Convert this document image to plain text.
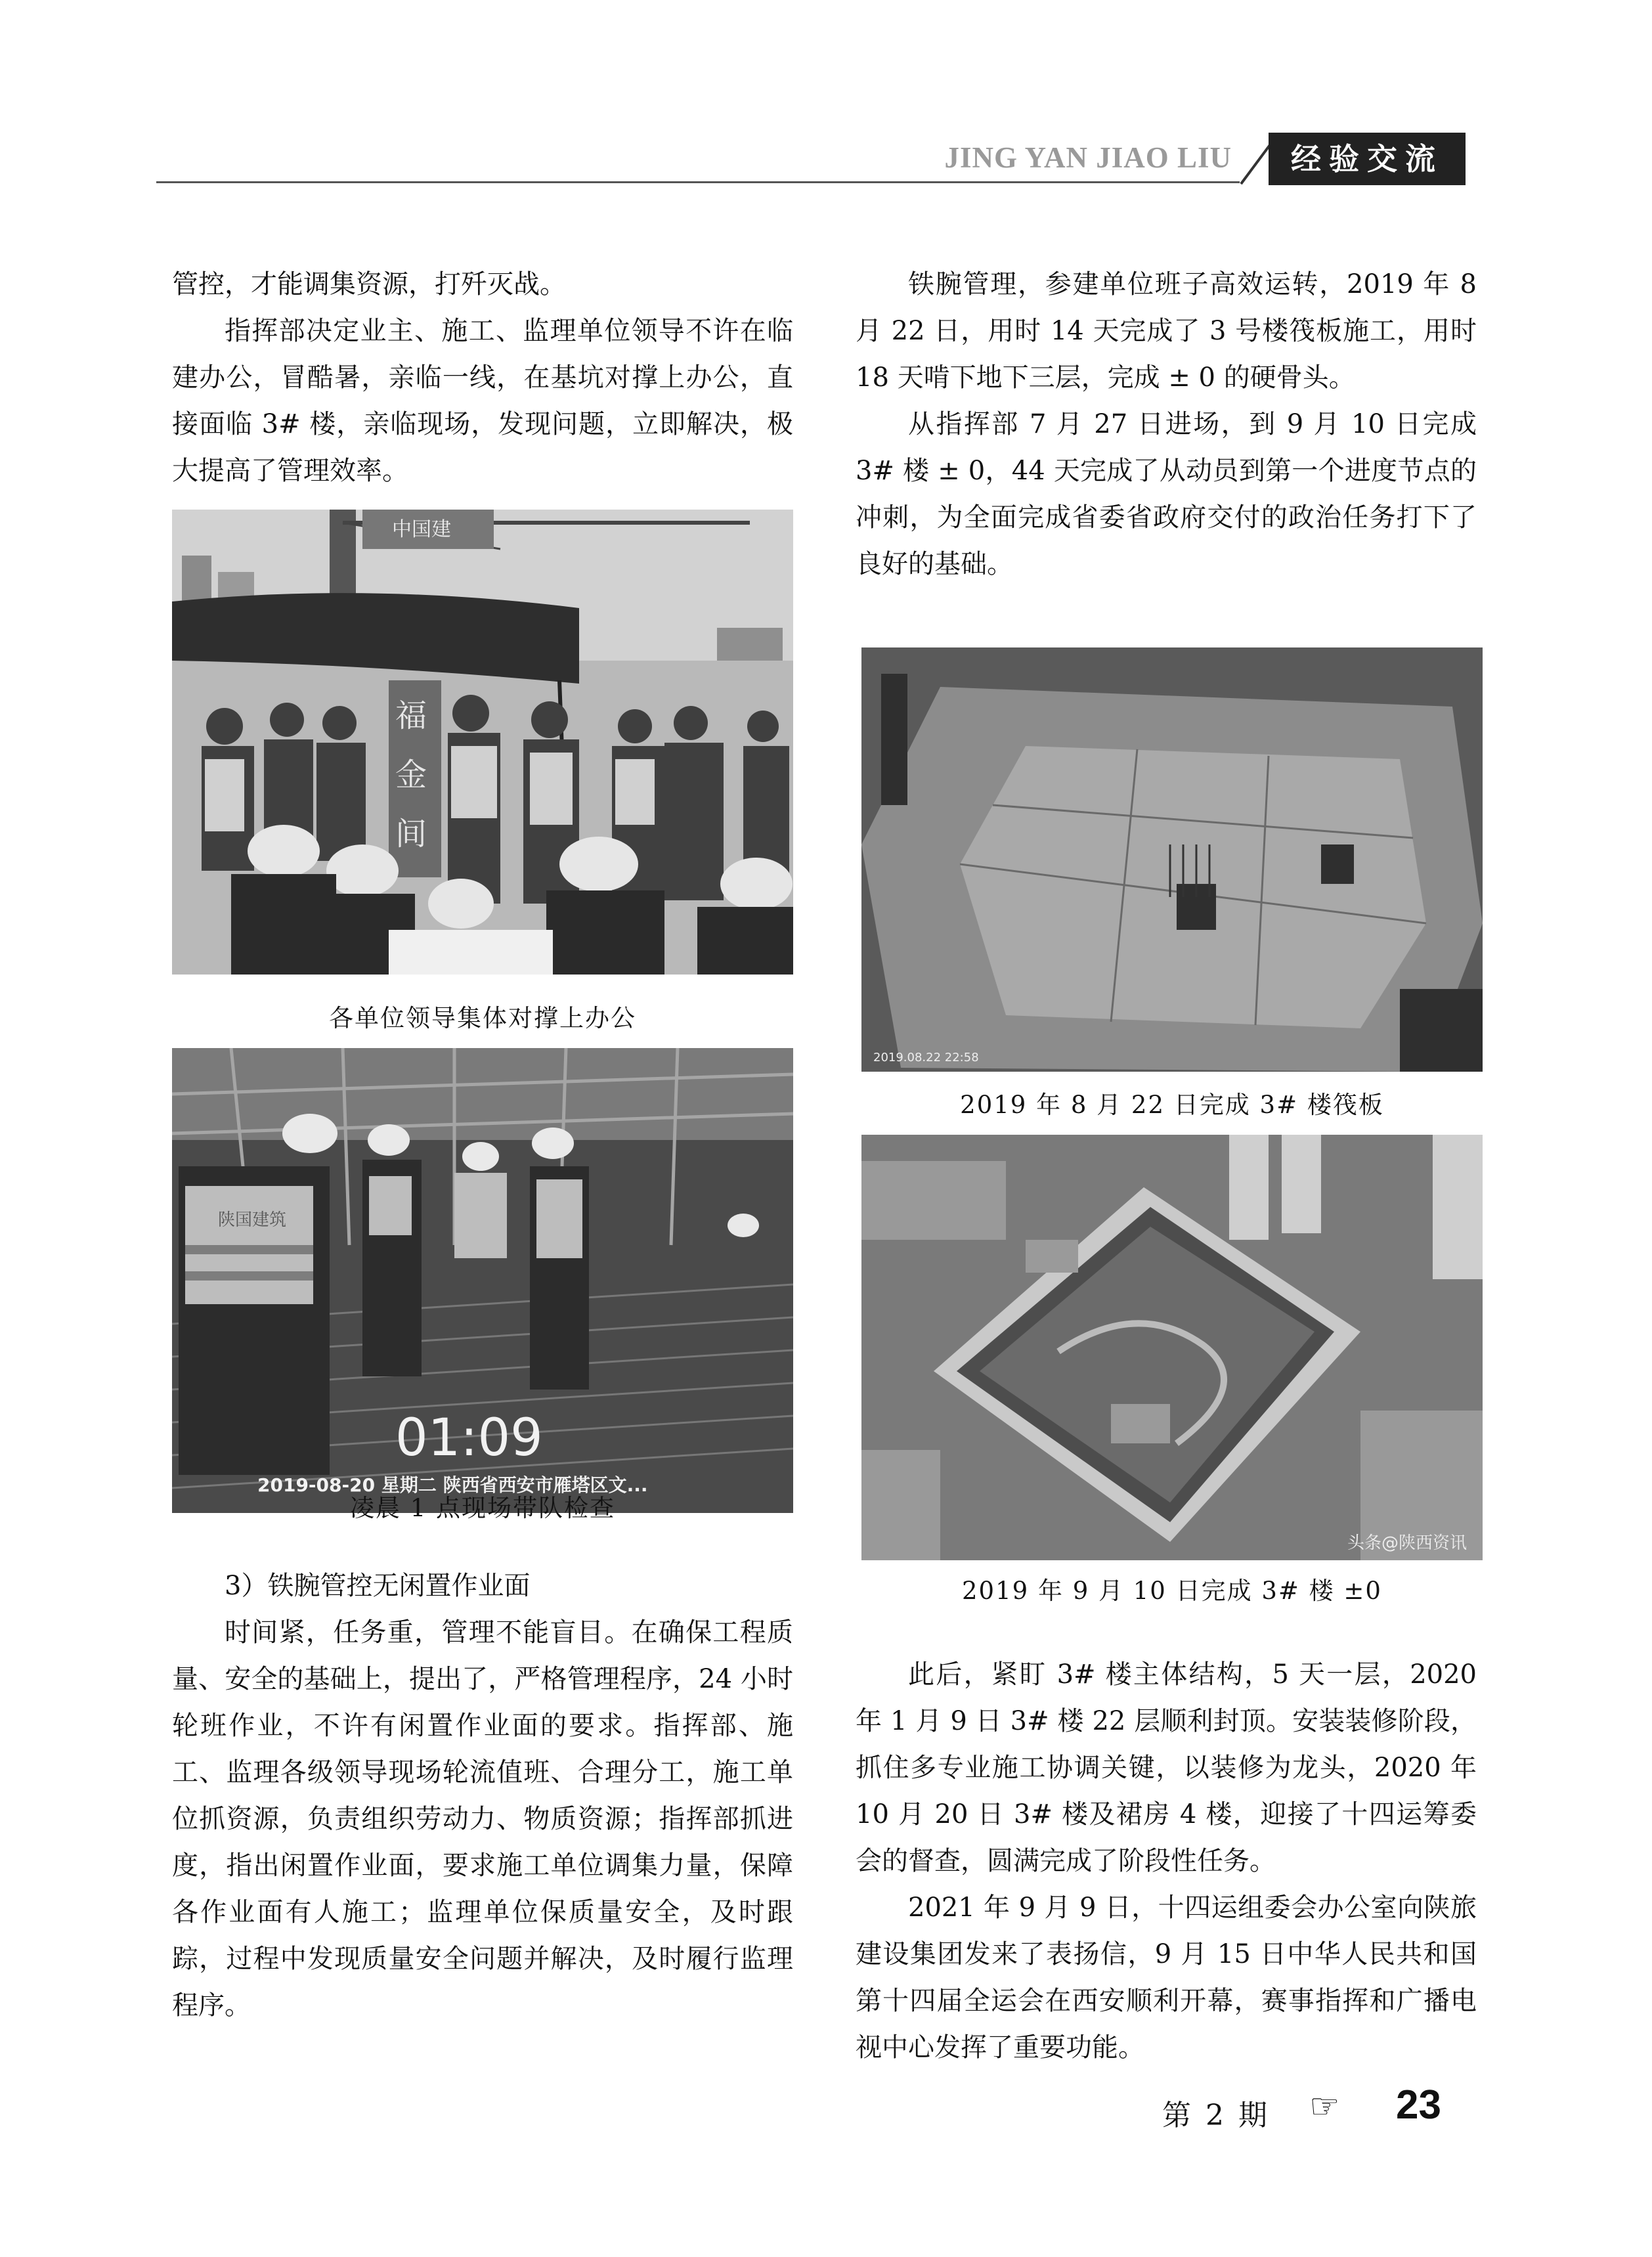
JING YAN JIAO LIU	经验交流

管控，才能调集资源，打歼灭战。

指挥部决定业主、施工、监理单位领导不许在临建办公，冒酷暑，亲临一线，在基坑对撑上办公，直接面临 3# 楼，亲临现场，发现问题，立即解决，极大提高了管理效率。

中国建
福
金
间
各单位领导集体对撑上办公
陕国建筑
01:09
2019-08-20 星期二 陕西省西安市雁塔区文...
凌晨 1 点现场带队检查

3）铁腕管控无闲置作业面

时间紧，任务重，管理不能盲目。在确保工程质量、安全的基础上，提出了，严格管理程序，24 小时轮班作业，不许有闲置作业面的要求。指挥部、施工、监理各级领导现场轮流值班、合理分工，施工单位抓资源，负责组织劳动力、物质资源；指挥部抓进度，指出闲置作业面，要求施工单位调集力量，保障各作业面有人施工；监理单位保质量安全，及时跟踪，过程中发现质量安全问题并解决，及时履行监理程序。

铁腕管理，参建单位班子高效运转，2019 年 8 月 22 日，用时 14 天完成了 3 号楼筏板施工，用时 18 天啃下地下三层，完成 ± 0 的硬骨头。

从指挥部 7 月 27 日进场，到 9 月 10 日完成 3# 楼 ± 0，44 天完成了从动员到第一个进度节点的冲刺，为全面完成省委省政府交付的政治任务打下了良好的基础。

2019.08.22 22:58
2019 年 8 月 22 日完成 3# 楼筏板
头条@陕西资讯
2019 年 9 月 10 日完成 3# 楼 ±0

此后，紧盯 3# 楼主体结构，5 天一层，2020 年 1 月 9 日 3# 楼 22 层顺利封顶。安装装修阶段，抓住多专业施工协调关键，以装修为龙头，2020 年 10 月 20 日 3# 楼及裙房 4 楼，迎接了十四运筹委会的督查，圆满完成了阶段性任务。

2021 年 9 月 9 日，十四运组委会办公室向陕旅建设集团发来了表扬信，9 月 15 日中华人民共和国第十四届全运会在西安顺利开幕，赛事指挥和广播电视中心发挥了重要功能。

第 2 期 ☞ 23
